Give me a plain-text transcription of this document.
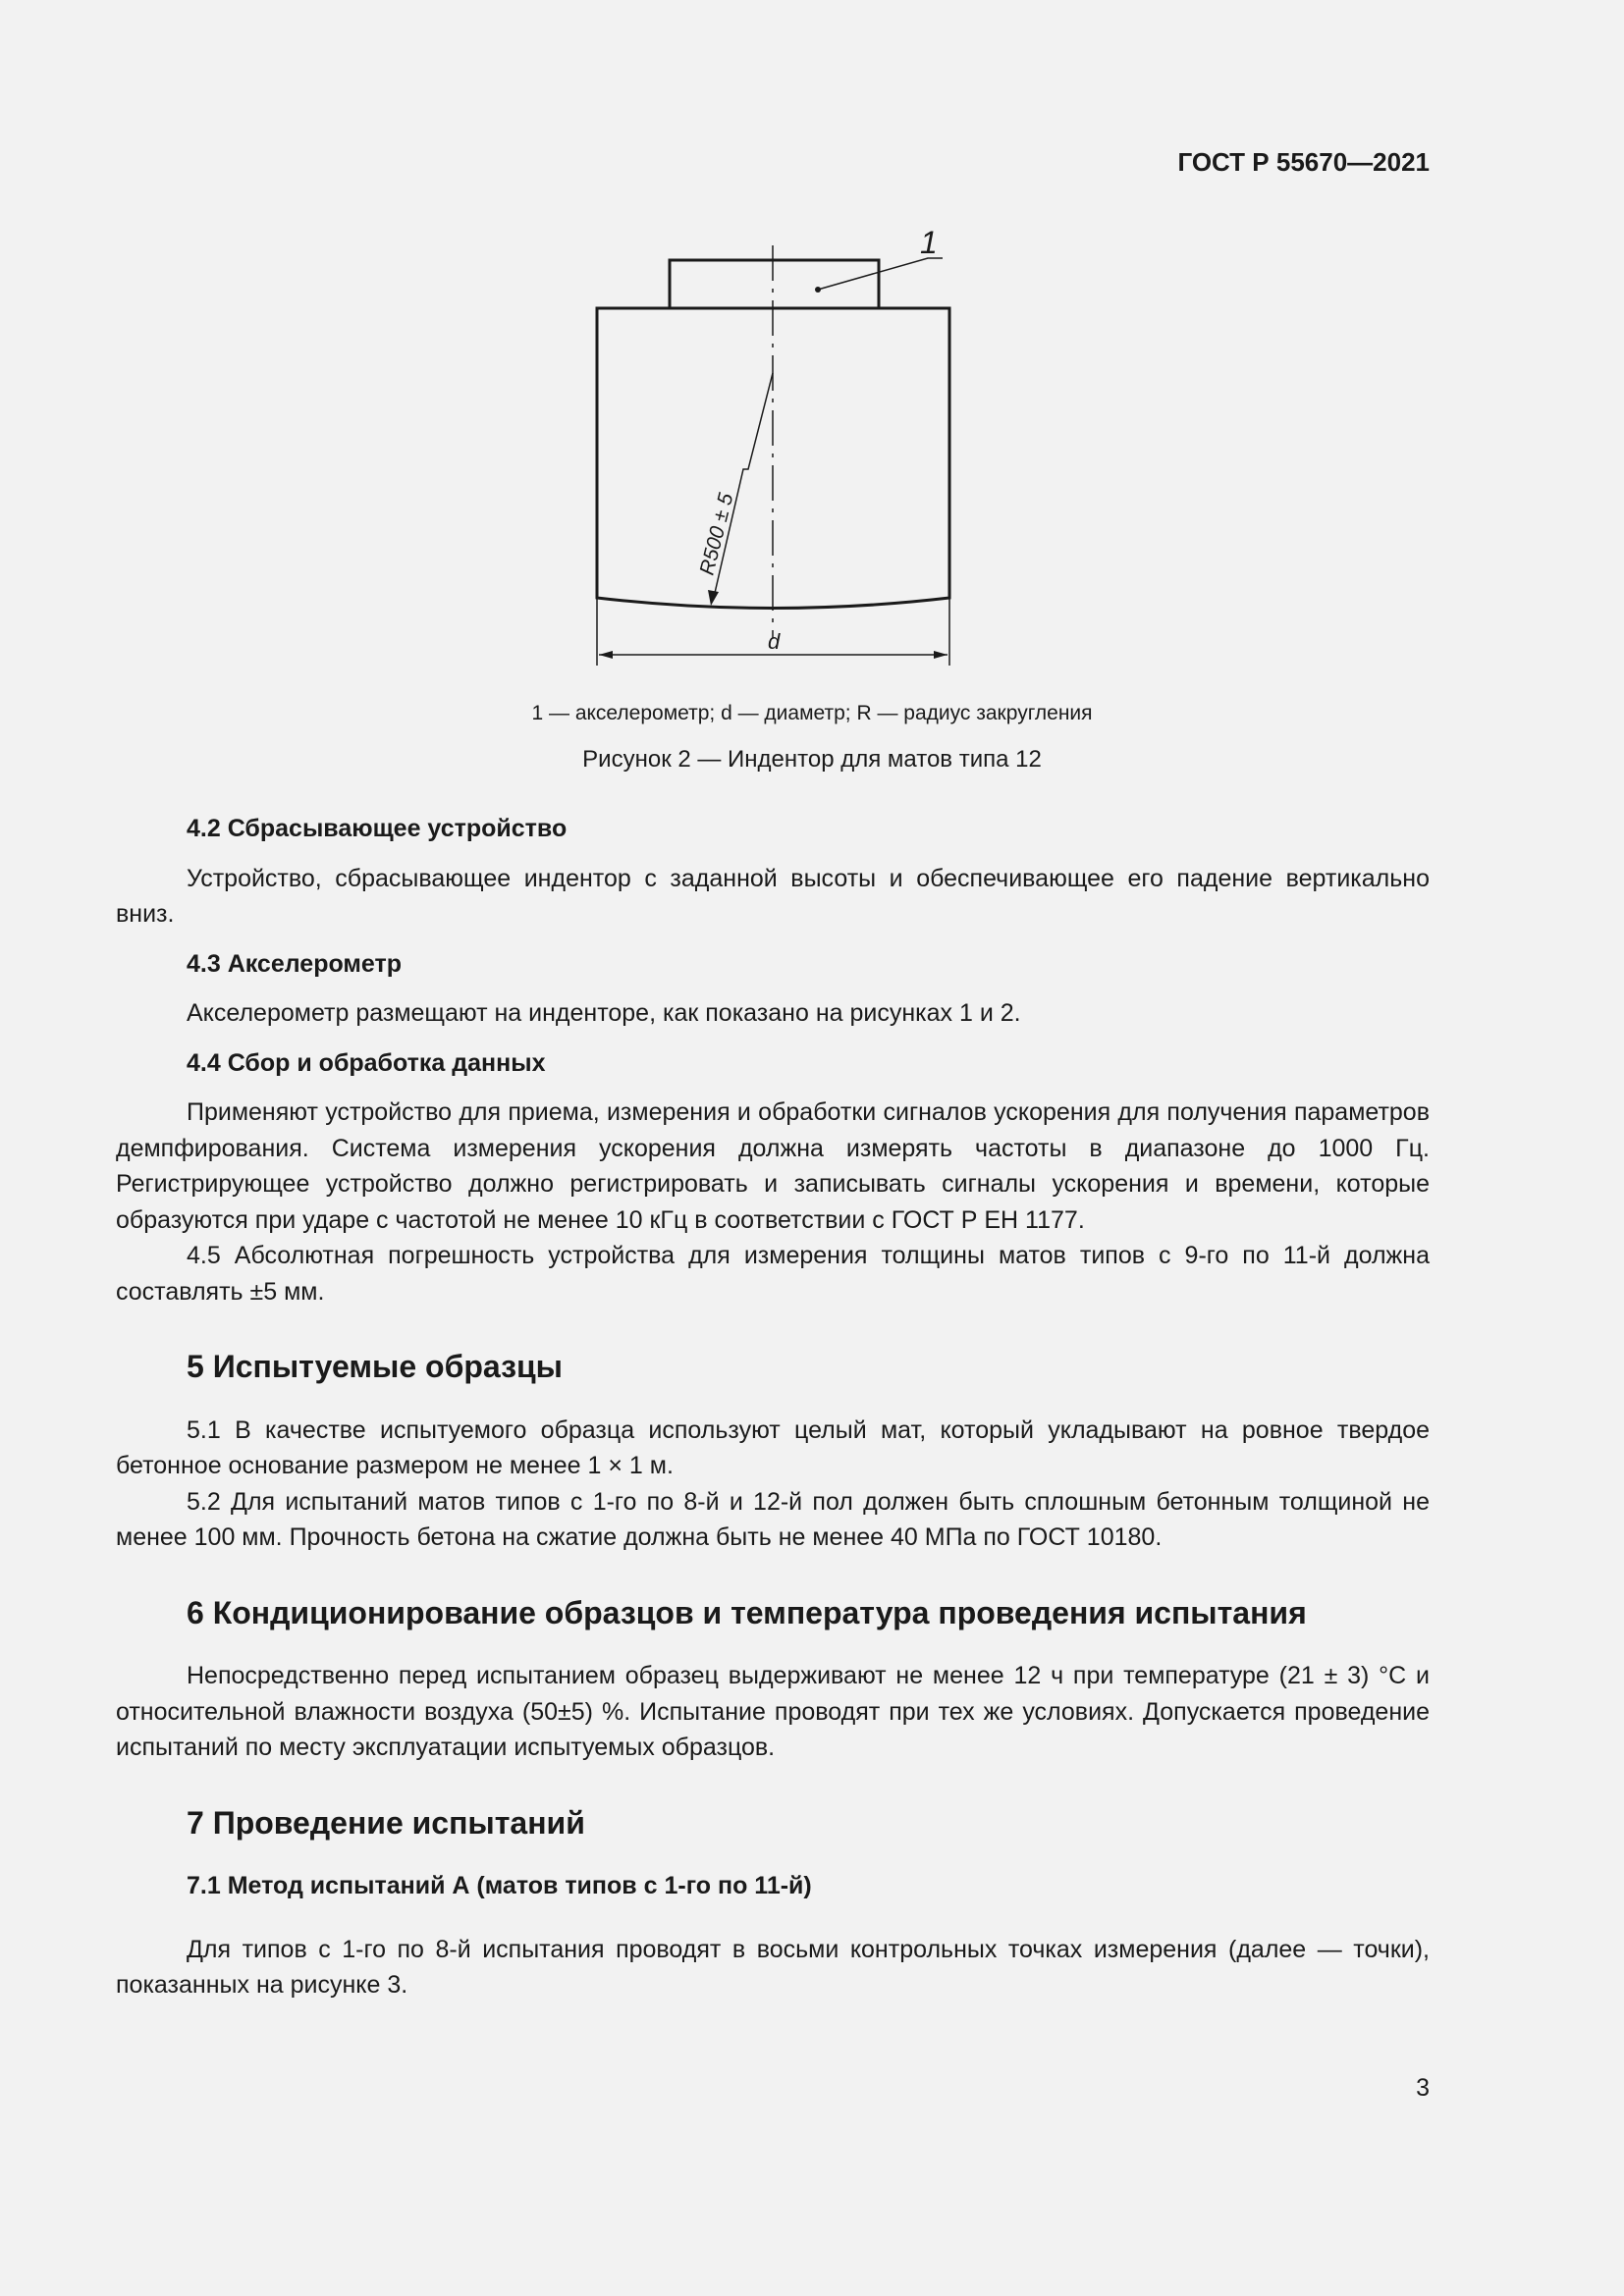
ГОСТ Р 55670—2021
1
R500 ± 5
d
1 — акселерометр; d — диаметр; R — радиус закругления
Рисунок 2 — Индентор для матов типа 12
4.2 Сбрасывающее устройство

Устройство, сбрасывающее индентор с заданной высоты и обеспечивающее его падение вертикально вниз.

4.3 Акселерометр

Акселерометр размещают на инденторе, как показано на рисунках 1 и 2.

4.4 Сбор и обработка данных

Применяют устройство для приема, измерения и обработки сигналов ускорения для получения параметров демпфирования. Система измерения ускорения должна измерять частоты в диапазоне до 1000 Гц. Регистрирующее устройство должно регистрировать и записывать сигналы ускорения и времени, которые образуются при ударе с частотой не менее 10 кГц в соответствии с ГОСТ Р ЕН 1177.

4.5 Абсолютная погрешность устройства для измерения толщины матов типов с 9-го по 11-й должна составлять ±5 мм.

5 Испытуемые образцы

5.1 В качестве испытуемого образца используют целый мат, который укладывают на ровное твердое бетонное основание размером не менее 1 × 1 м.

5.2 Для испытаний матов типов с 1-го по 8-й и 12-й пол должен быть сплошным бетонным толщиной не менее 100 мм. Прочность бетона на сжатие должна быть не менее 40 МПа по ГОСТ 10180.

6 Кондиционирование образцов и температура проведения испытания

Непосредственно перед испытанием образец выдерживают не менее 12 ч при температуре (21 ± 3) °С и относительной влажности воздуха (50±5) %. Испытание проводят при тех же условиях. Допускается проведение испытаний по месту эксплуатации испытуемых образцов.

7 Проведение испытаний
7.1 Метод испытаний А (матов типов с 1-го по 11-й)

Для типов с 1-го по 8-й испытания проводят в восьми контрольных точках измерения (далее — точки), показанных на рисунке 3.

3
